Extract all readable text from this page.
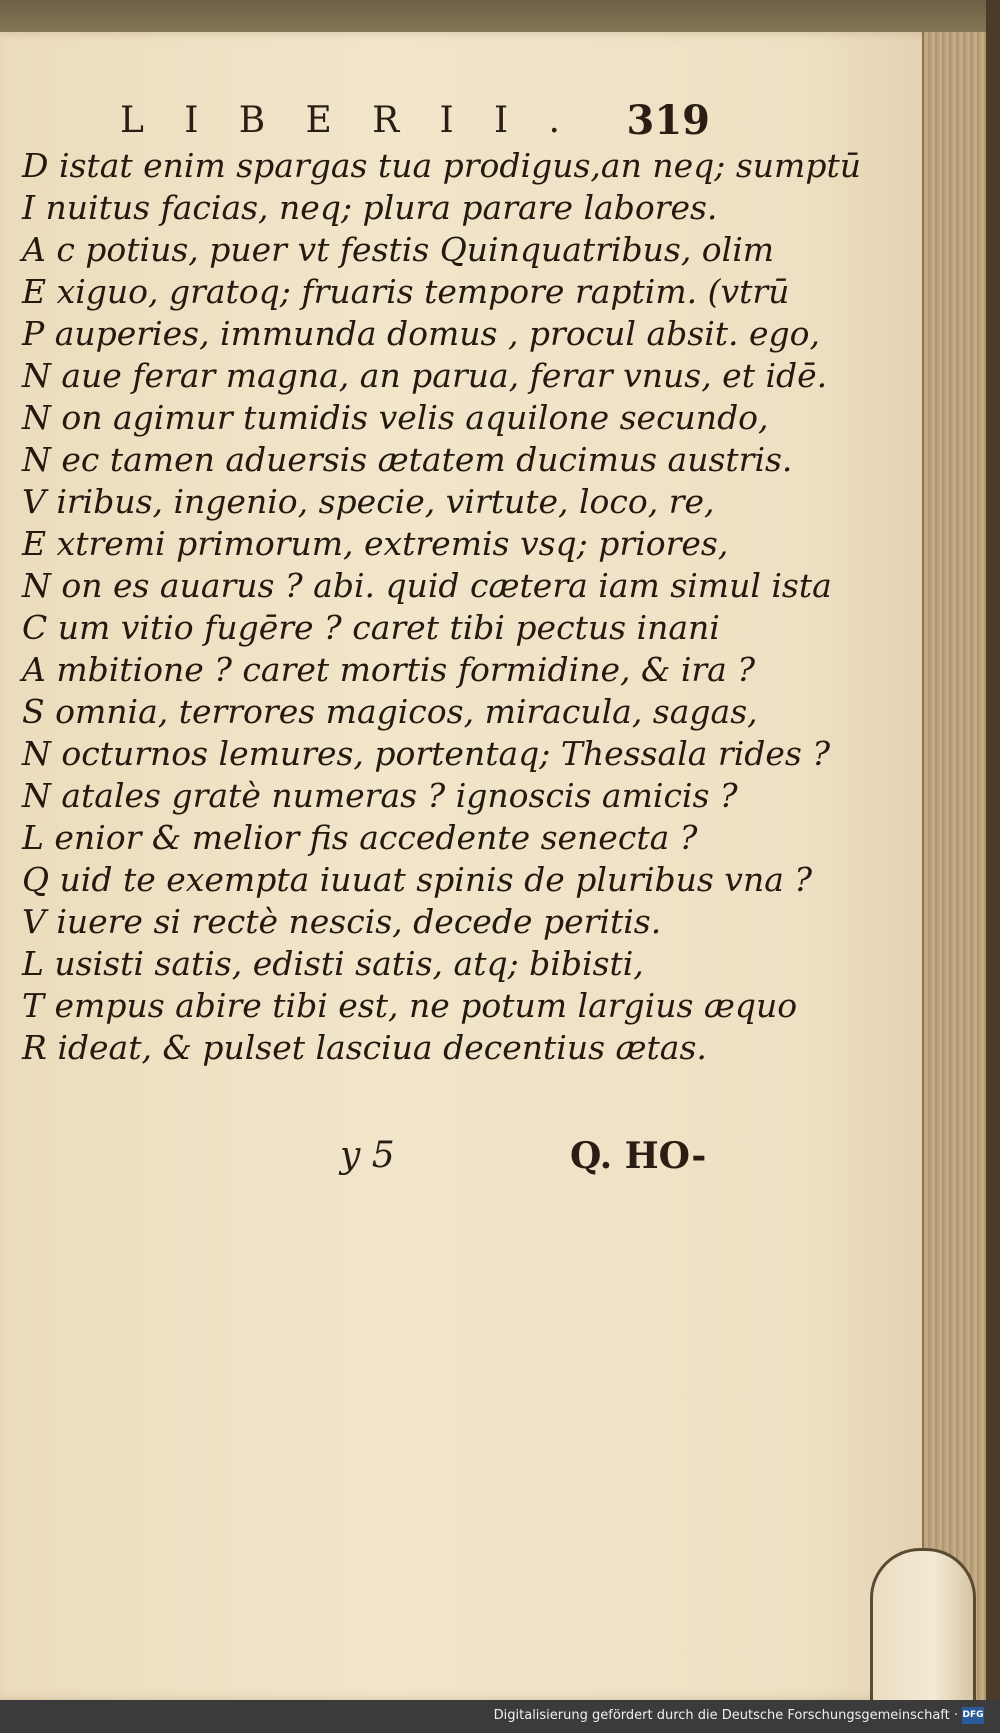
L I B E R I I . 319
D istat enim spargas tua prodigus,an neq; sumptū
I nuitus facias, neq; plura parare labores.
A c potius, puer vt festis Quinquatribus, olim
E xiguo, gratoq; fruaris tempore raptim. (vtrū
P auperies, immunda domus , procul absit. ego,
N aue ferar magna, an parua, ferar vnus, et idē.
N on agimur tumidis velis aquilone secundo,
N ec tamen aduersis ætatem ducimus austris.
V iribus, ingenio, specie, virtute, loco, re,
E xtremi primorum, extremis vsq; priores,
N on es auarus ? abi. quid cætera iam simul ista
C um vitio fugēre ? caret tibi pectus inani
A mbitione ? caret mortis formidine, & ira ?
S omnia, terrores magicos, miracula, sagas,
N octurnos lemures, portentaq; Thessala rides ?
N atales gratè numeras ? ignoscis amicis ?
L enior & melior fis accedente senecta ?
Q uid te exempta iuuat spinis de pluribus vna ?
V iuere si rectè nescis, decede peritis.
L usisti satis, edisti satis, atq; bibisti,
T empus abire tibi est, ne potum largius æquo
R ideat, & pulset lasciua decentius ætas.
y 5	Q. HO-
Digitalisierung gefördert durch die Deutsche Forschungsgemeinschaft · DFG
